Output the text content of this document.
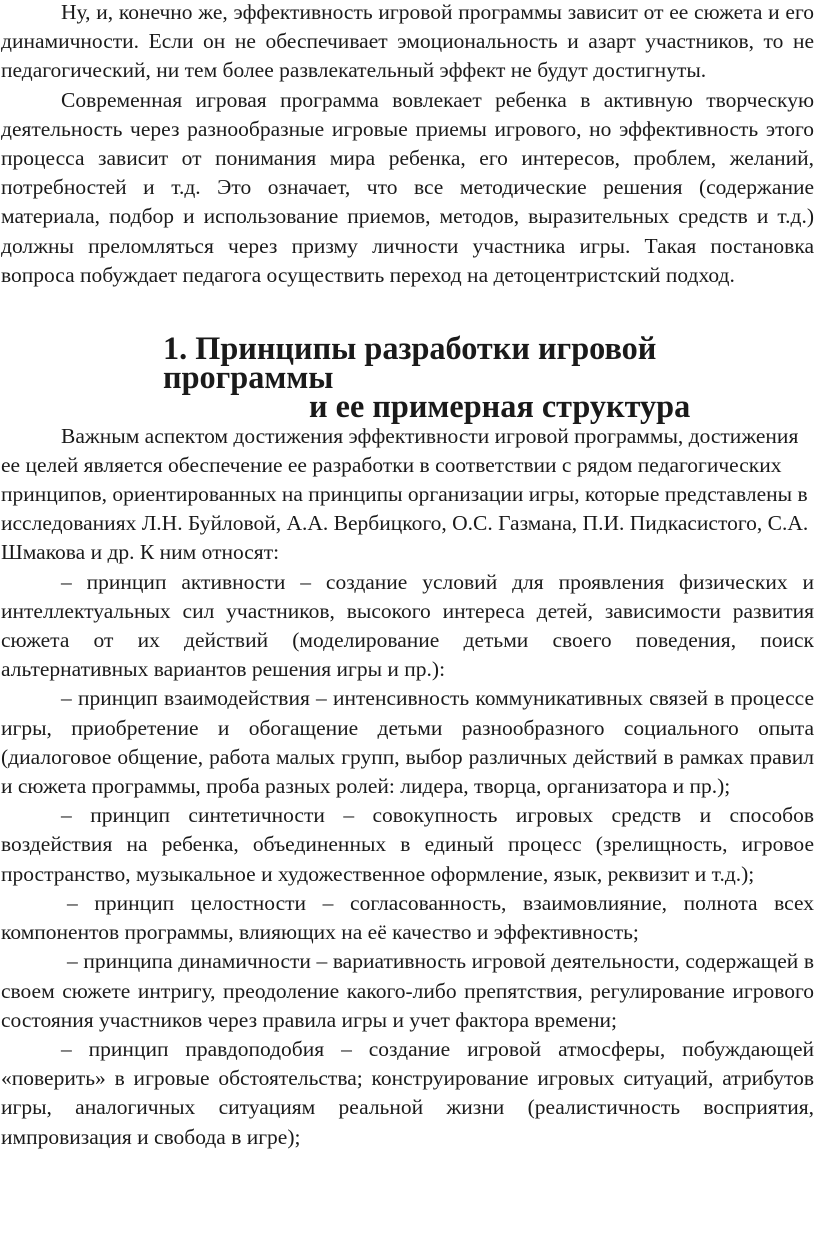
Ну, и, конечно же, эффективность игровой программы зависит от ее сюжета и его динамичности. Если он не обеспечивает эмоциональность и азарт участников, то не педагогический, ни тем более развлекательный эффект не будут достигнуты.

Современная игровая программа вовлекает ребенка в активную творческую деятельность через разнообразные игровые приемы игрового, но эффективность этого процесса зависит от понимания мира ребенка, его интересов, проблем, желаний, потребностей и т.д. Это означает, что все методические решения (содержание материала, подбор и использование приемов, методов, выразительных средств и т.д.) должны преломляться через призму личности участника игры. Такая постановка вопроса побуждает педагога осуществить переход на детоцентристский подход.

1. Принципы разработки игровой программы
и ее примерная структура

Важным аспектом достижения эффективности игровой программы, достижения ее целей является обеспечение ее разработки в соответствии с рядом педагогических принципов, ориентированных на принципы организации игры, которые представлены в исследованиях Л.Н. Буйловой, А.А. Вербицкого, О.С. Газмана, П.И. Пидкасистого, С.А. Шмакова и др. К ним относят:

– принцип активности – создание условий для проявления физических и интеллектуальных сил участников, высокого интереса детей, зависимости развития сюжета от их действий (моделирование детьми своего поведения, поиск альтернативных вариантов решения игры и пр.):

– принцип взаимодействия – интенсивность коммуникативных связей в процессе игры, приобретение и обогащение детьми разнообразного социального опыта (диалоговое общение, работа малых групп, выбор различных действий в рамках правил и сюжета программы, проба разных ролей: лидера, творца, организатора и пр.);

– принцип синтетичности – совокупность игровых средств и способов воздействия на ребенка, объединенных в единый процесс (зрелищность, игровое пространство, музыкальное и художественное оформление, язык, реквизит и т.д.);

– принцип целостности – согласованность, взаимовлияние, полнота всех компонентов программы, влияющих на её качество и эффективность;

– принципа динамичности – вариативность игровой деятельности, содержащей в своем сюжете интригу, преодоление какого-либо препятствия, регулирование игрового состояния участников через правила игры и учет фактора времени;

– принцип правдоподобия – создание игровой атмосферы, побуждающей «поверить» в игровые обстоятельства; конструирование игровых ситуаций, атрибутов игры, аналогичных ситуациям реальной жизни (реалистичность восприятия, импровизация и свобода в игре);
